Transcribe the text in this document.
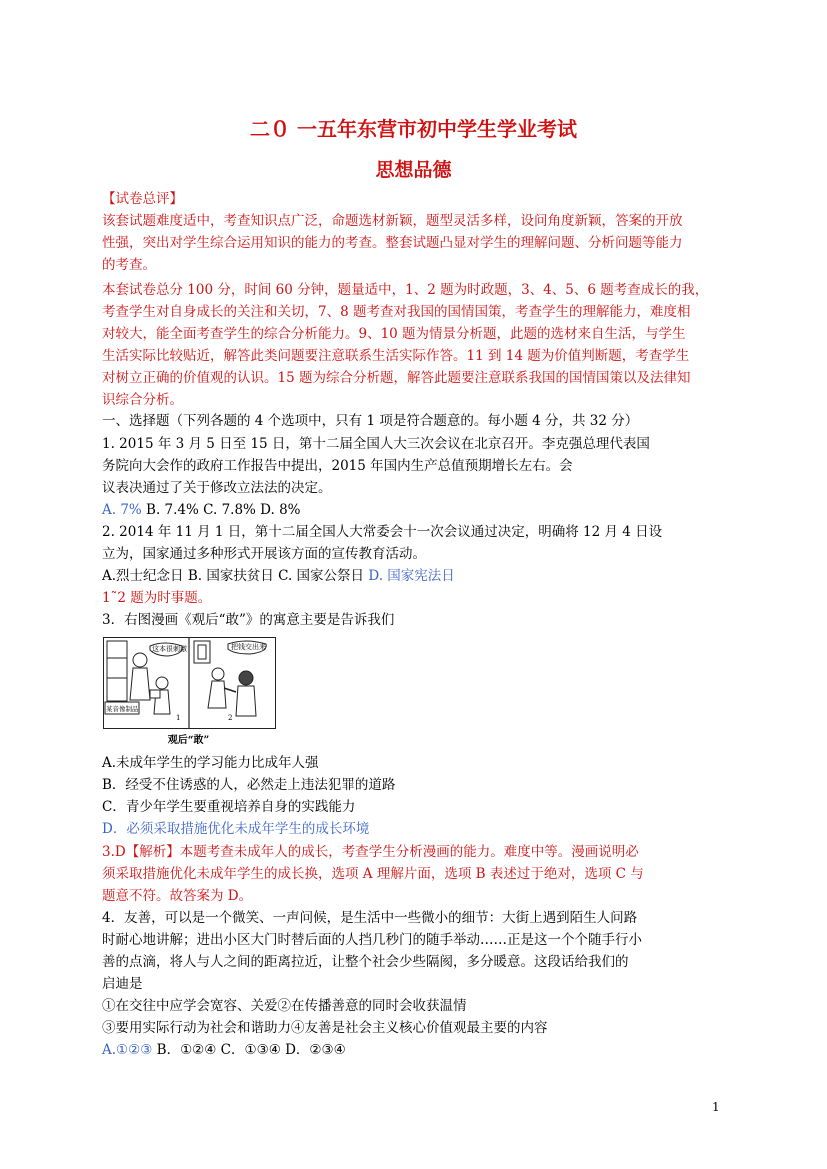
二０ 一五年东营市初中学生学业考试
思想品德
【试卷总评】
该套试题难度适中，考查知识点广泛，命题选材新颖，题型灵活多样，设问角度新颖，答案的开放
性强，突出对学生综合运用知识的能力的考查。整套试题凸显对学生的理解问题、分析问题等能力
的考查。
本套试卷总分 100 分，时间 60 分钟，题量适中，1、2 题为时政题，3、4、5、6 题考查成长的我，
考查学生对自身成长的关注和关切，7、8 题考查对我国的国情国策，考查学生的理解能力，难度相
对较大，能全面考查学生的综合分析能力。9、10 题为情景分析题，此题的选材来自生活，与学生
生活实际比较贴近，解答此类问题要注意联系生活实际作答。11 到 14 题为价值判断题，考查学生
对树立正确的价值观的认识。15 题为综合分析题，解答此题要注意联系我国的国情国策以及法律知
识综合分析。
一、选择题（下列各题的 4 个选项中，只有 1 项是符合题意的。每小题 4 分，共 32 分）
1. 2015 年 3 月 5 日至 15 日，第十二届全国人大三次会议在北京召开。李克强总理代表国
务院向大会作的政府工作报告中提出，2015 年国内生产总值预期增长左右。会
议表决通过了关于修改立法法的决定。
A. 7% B. 7.4% C. 7.8% D. 8%
2. 2014 年 11 月 1 日，第十二届全国人大常委会十一次会议通过决定，明确将 12 月 4 日设
立为，国家通过多种形式开展该方面的宣传教育活动。
A.烈士纪念日 B. 国家扶贫日 C. 国家公祭日 D. 国家宪法日
1˜2 题为时事题。
3．右图漫画《观后“敢”》的寓意主要是告诉我们
这本很刺激	把钱交出来
某音像制品
1	2
观后“敢”
A.未成年学生的学习能力比成年人强
B．经受不住诱惑的人，必然走上违法犯罪的道路
C．青少年学生要重视培养自身的实践能力
D．必须采取措施优化未成年学生的成长环境
3.D【解析】本题考查未成年人的成长，考查学生分析漫画的能力。难度中等。漫画说明必
须采取措施优化未成年学生的成长换，选项 A 理解片面，选项 B 表述过于绝对，选项 C 与
题意不符。故答案为 D。
4．友善，可以是一个微笑、一声问候，是生活中一些微小的细节：大街上遇到陌生人问路
时耐心地讲解；进出小区大门时替后面的人挡几秒门的随手举动……正是这一个个随手行小
善的点滴，将人与人之间的距离拉近，让整个社会少些隔阂，多分暖意。这段话给我们的
启迪是
①在交往中应学会宽容、关爱②在传播善意的同时会收获温情
③要用实际行动为社会和谐助力④友善是社会主义核心价值观最主要的内容
A.①②③ B．①②④ C．①③④ D．②③④
1
